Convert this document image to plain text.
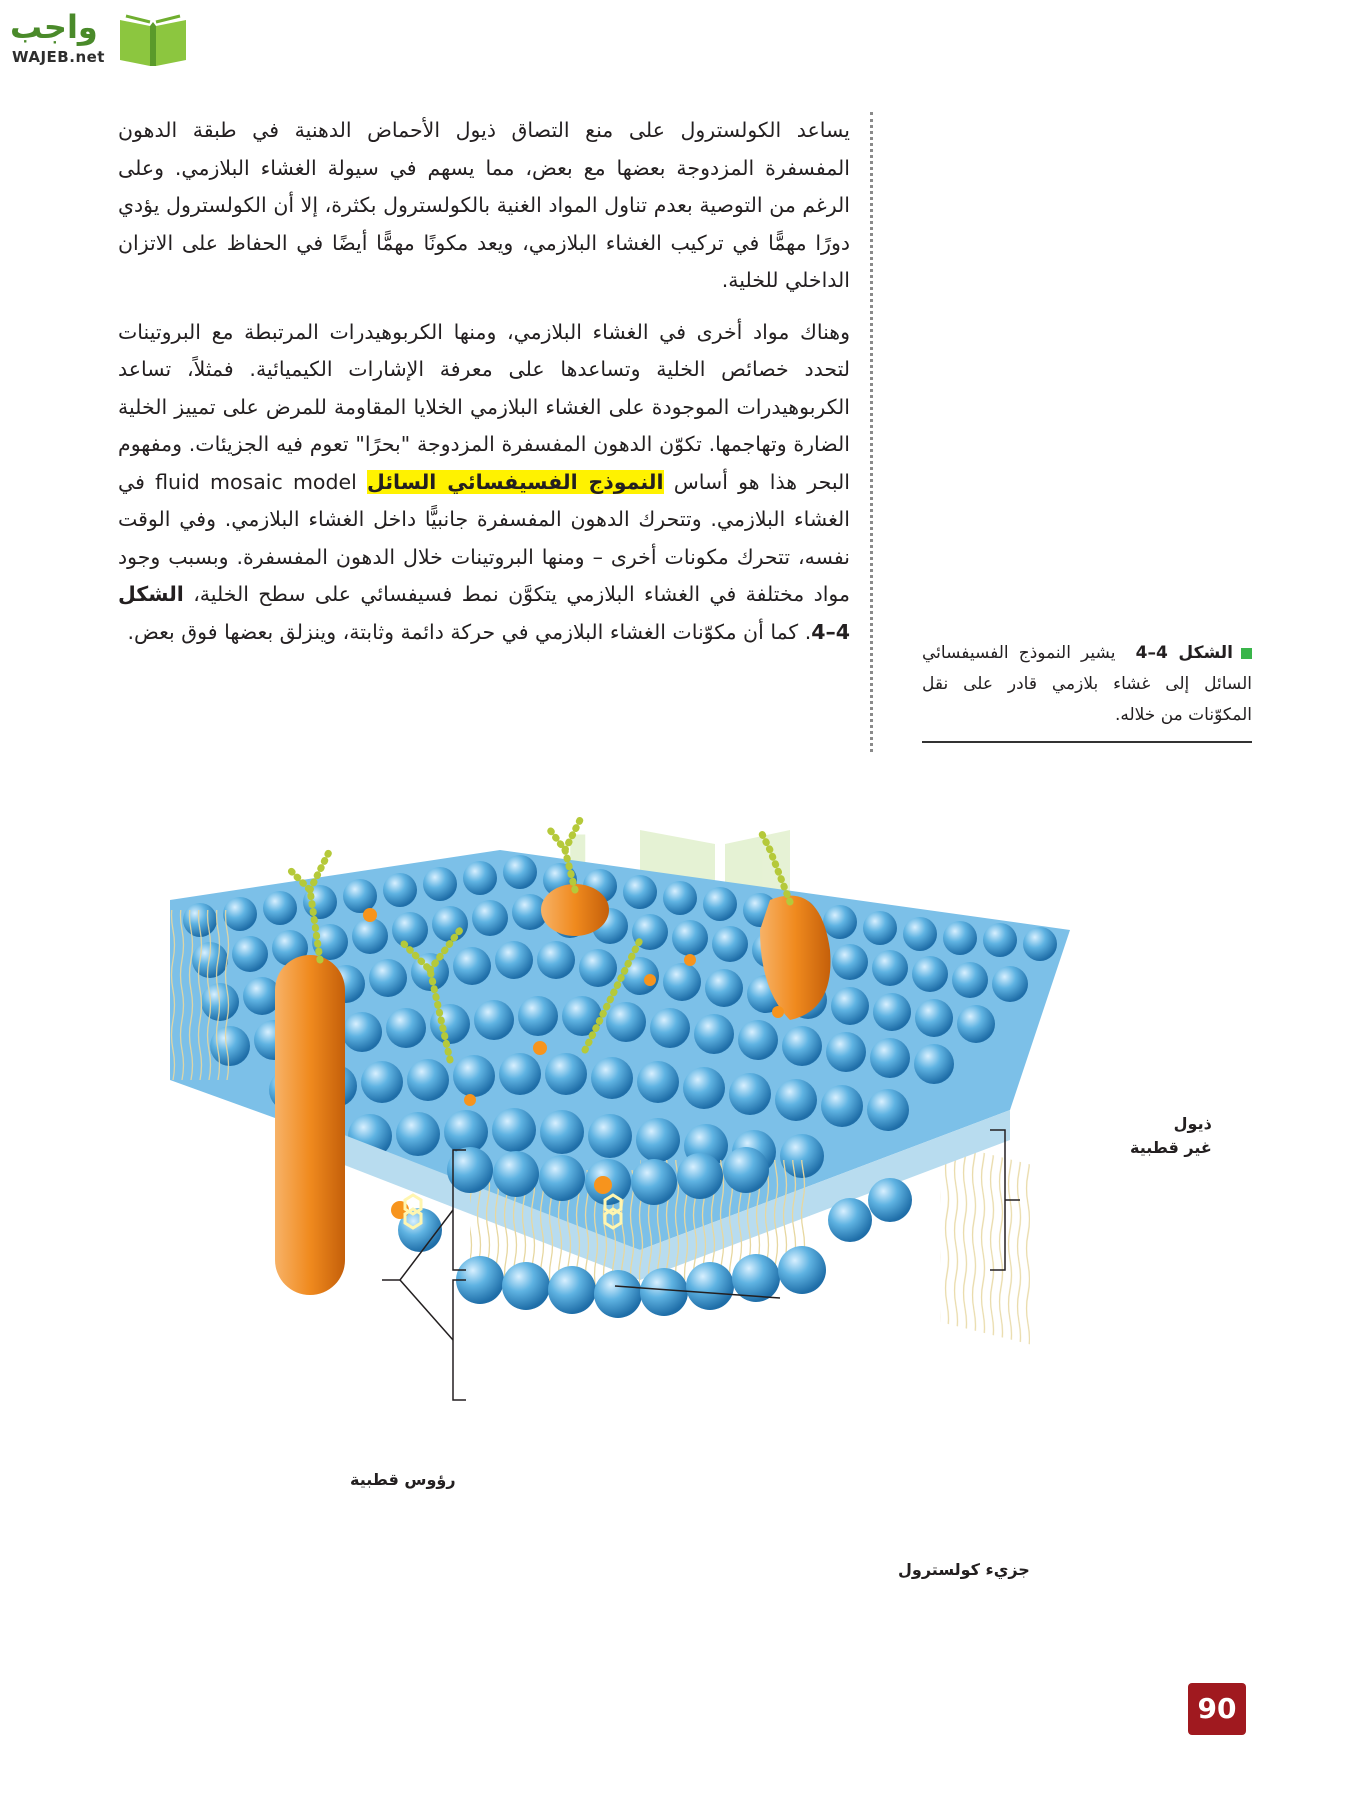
واجب
WAJEB.net

يساعد الكولسترول على منع التصاق ذيول الأحماض الدهنية في طبقة الدهون المفسفرة المزدوجة بعضها مع بعض، مما يسهم في سيولة الغشاء البلازمي. وعلى الرغم من التوصية بعدم تناول المواد الغنية بالكولسترول بكثرة، إلا أن الكولسترول يؤدي دورًا مهمًّا في تركيب الغشاء البلازمي، ويعد مكونًا مهمًّا أيضًا في الحفاظ على الاتزان الداخلي للخلية.

وهناك مواد أخرى في الغشاء البلازمي، ومنها الكربوهيدرات المرتبطة مع البروتينات لتحدد خصائص الخلية وتساعدها على معرفة الإشارات الكيميائية. فمثلاً، تساعد الكربوهيدرات الموجودة على الغشاء البلازمي الخلايا المقاومة للمرض على تمييز الخلية الضارة وتهاجمها. تكوّن الدهون المفسفرة المزدوجة "بحرًا" تعوم فيه الجزيئات. ومفهوم البحر هذا هو أساس النموذج الفسيفسائي السائل fluid mosaic model في الغشاء البلازمي. وتتحرك الدهون المفسفرة جانبيًّا داخل الغشاء البلازمي. وفي الوقت نفسه، تتحرك مكونات أخرى – ومنها البروتينات خلال الدهون المفسفرة. وبسبب وجود مواد مختلفة في الغشاء البلازمي يتكوَّن نمط فسيفسائي على سطح الخلية، الشكل 4–4. كما أن مكوّنات الغشاء البلازمي في حركة دائمة وثابتة، وينزلق بعضها فوق بعض.

الشكل 4–4  يشير النموذج الفسيفسائي السائل إلى غشاء بلازمي قادر على نقل المكوّنات من خلاله.
ذيول
غير قطبية
جزيء كولسترول
رؤوس قطبية
90
